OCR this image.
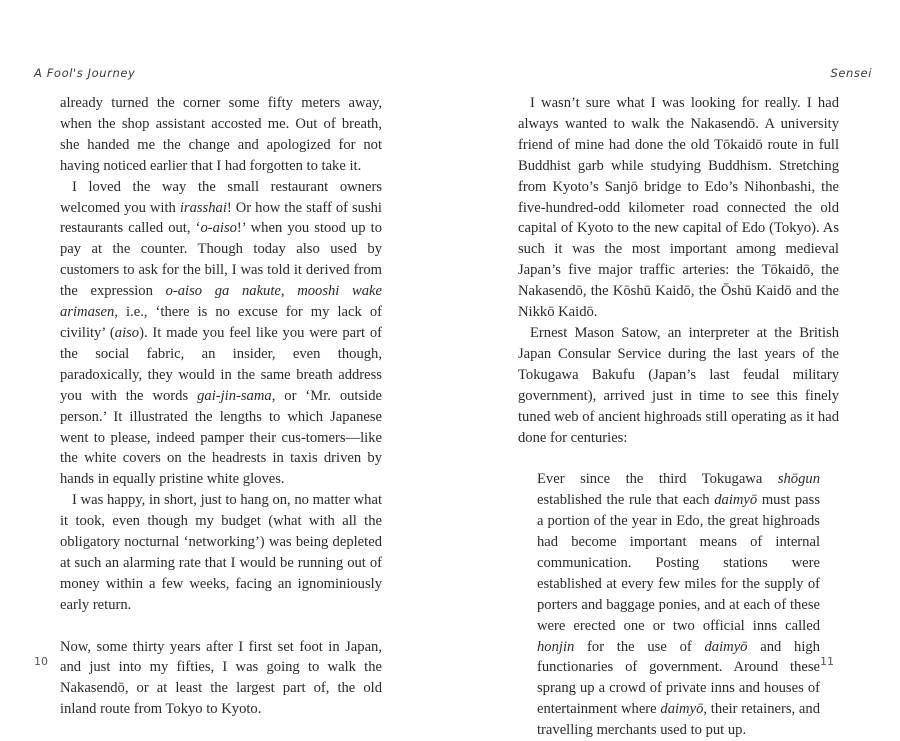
A Fool's Journey

already turned the corner some fifty meters away, when the shop assistant accosted me. Out of breath, she handed me the change and apologized for not having noticed earlier that I had forgotten to take it.

I loved the way the small restaurant owners welcomed you with irasshai! Or how the staff of sushi restaurants called out, ‘o-aiso!’ when you stood up to pay at the counter. Though today also used by customers to ask for the bill, I was told it derived from the expression o-aiso ga nakute, mooshi wake arimasen, i.e., ‘there is no excuse for my lack of civility’ (aiso). It made you feel like you were part of the social fabric, an insider, even though, paradoxically, they would in the same breath address you with the words gai-jin-sama, or ‘Mr. outside person.’ It illustrated the lengths to which Japanese went to please, indeed pamper their cus-tomers—like the white covers on the headrests in taxis driven by hands in equally pristine white gloves.

I was happy, in short, just to hang on, no matter what it took, even though my budget (what with all the obligatory nocturnal ‘networking’) was being depleted at such an alarming rate that I would be running out of money within a few weeks, facing an ignominiously early return.

Now, some thirty years after I first set foot in Japan, and just into my fifties, I was going to walk the Nakasendō, or at least the largest part of, the old inland route from Tokyo to Kyoto.

10
Sensei

I wasn’t sure what I was looking for really. I had always wanted to walk the Nakasendō. A university friend of mine had done the old Tōkaidō route in full Buddhist garb while studying Buddhism. Stretching from Kyoto’s Sanjō bridge to Edo’s Nihonbashi, the five-hundred-odd kilometer road connected the old capital of Kyoto to the new capital of Edo (Tokyo). As such it was the most important among medieval Japan’s five major traffic arteries: the Tōkaidō, the Nakasendō, the Kōshū Kaidō, the Ōshū Kaidō and the Nikkō Kaidō.

Ernest Mason Satow, an interpreter at the British Japan Consular Service during the last years of the Tokugawa Bakufu (Japan’s last feudal military government), arrived just in time to see this finely tuned web of ancient highroads still operating as it had done for centuries:

Ever since the third Tokugawa shōgun established the rule that each daimyō must pass a portion of the year in Edo, the great highroads had become important means of internal communication. Posting stations were established at every few miles for the supply of porters and baggage ponies, and at each of these were erected one or two official inns called honjin for the use of daimyō and high functionaries of government. Around these sprang up a crowd of private inns and houses of entertainment where daimyō, their retainers, and travelling merchants used to put up.

11
